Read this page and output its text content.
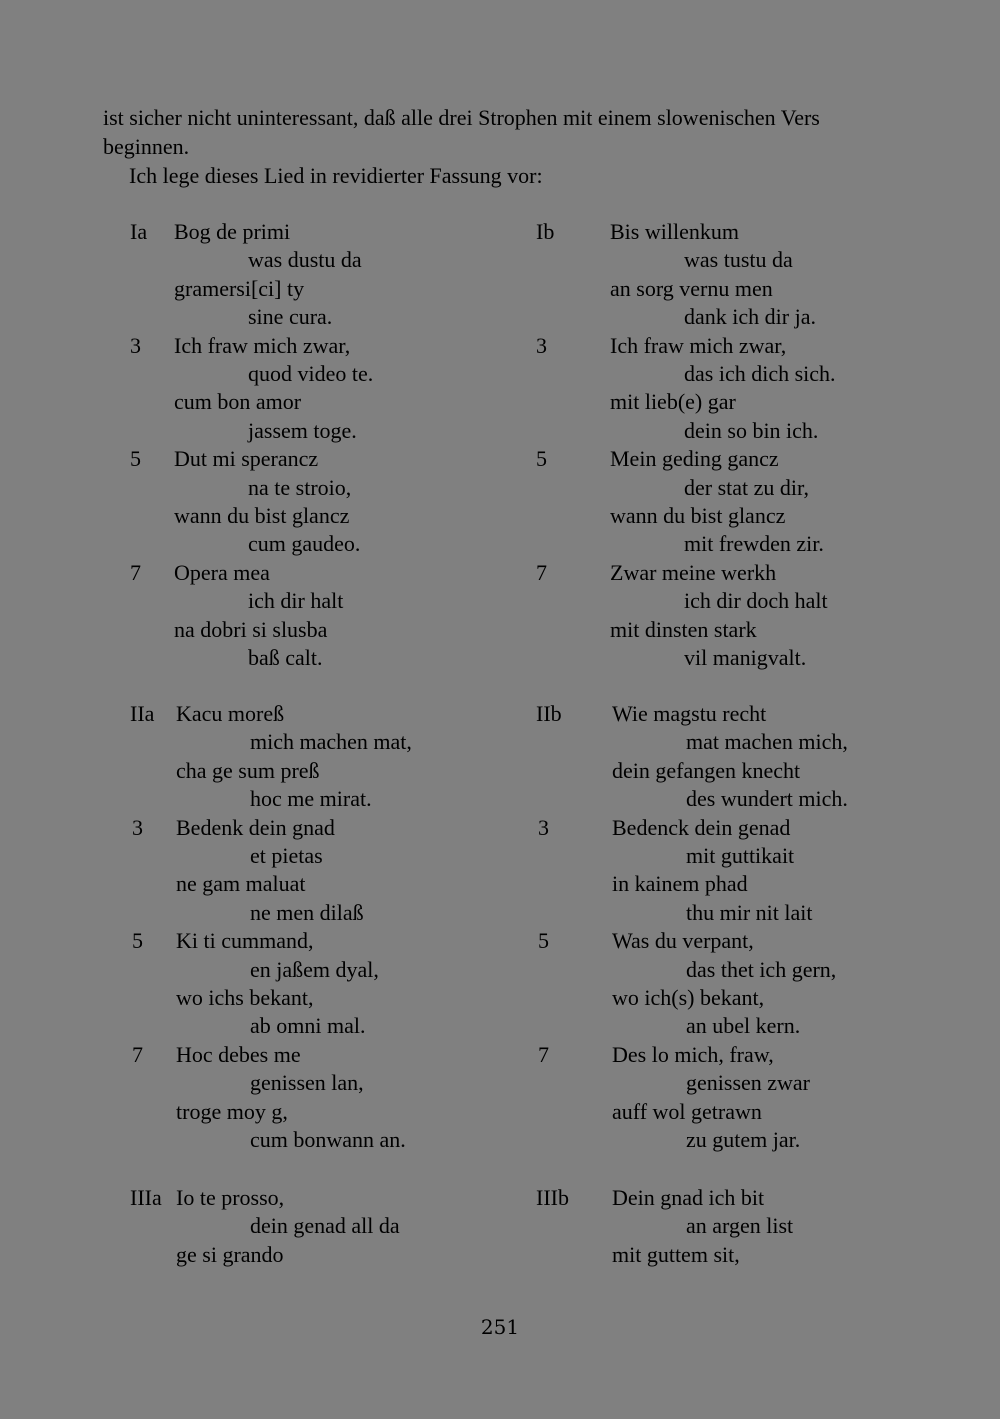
ist sicher nicht uninteressant, daß alle drei Strophen mit einem slowenischen Vers

beginnen.

Ich lege dieses Lied in revidierter Fassung vor:

Ia Bog de primi
was dustu da
gramersi[ci] ty
sine cura.
Ich fraw mich zwar,
quod video te.
cum bon amor
jassem toge.
Dut mi sperancz
na te stroio,
wann du bist glancz
cum gaudeo.
Opera mea
ich dir halt
na dobri si slusba
baß calt.
3
5
7
Ib	Bis willenkum
was tustu da
an sorg vernu men
dank ich dir ja.
Ich fraw mich zwar,
das ich dich sich.
mit lieb(e) gar
dein so bin ich.
Mein geding gancz
der stat zu dir,
wann du bist glancz
mit frewden zir.
Zwar meine werkh
ich dir doch halt
mit dinsten stark
vil manigvalt.
3
5
7
IIa Kacu moreß
mich machen mat,
cha ge sum preß
hoc me mirat.
Bedenk dein gnad
et pietas
ne gam maluat
ne men dilaß
Ki ti cummand,
en jaßem dyal,
wo ichs bekant,
ab omni mal.
Hoc debes me
genissen lan,
troge moy g,
cum bonwann an.
3
5
7
IIb Wie magstu recht
mat machen mich,
dein gefangen knecht
des wundert mich.
Bedenck dein genad
mit guttikait
in kainem phad
thu mir nit lait
Was du verpant,
das thet ich gern,
wo ich(s) bekant,
an ubel kern.
Des lo mich, fraw,
genissen zwar
auff wol getrawn
zu gutem jar.
3
5
7
IIIa Io te prosso,
dein genad all da
ge si grando
IIIb Dein gnad ich bit
an argen list
mit guttem sit,
251
